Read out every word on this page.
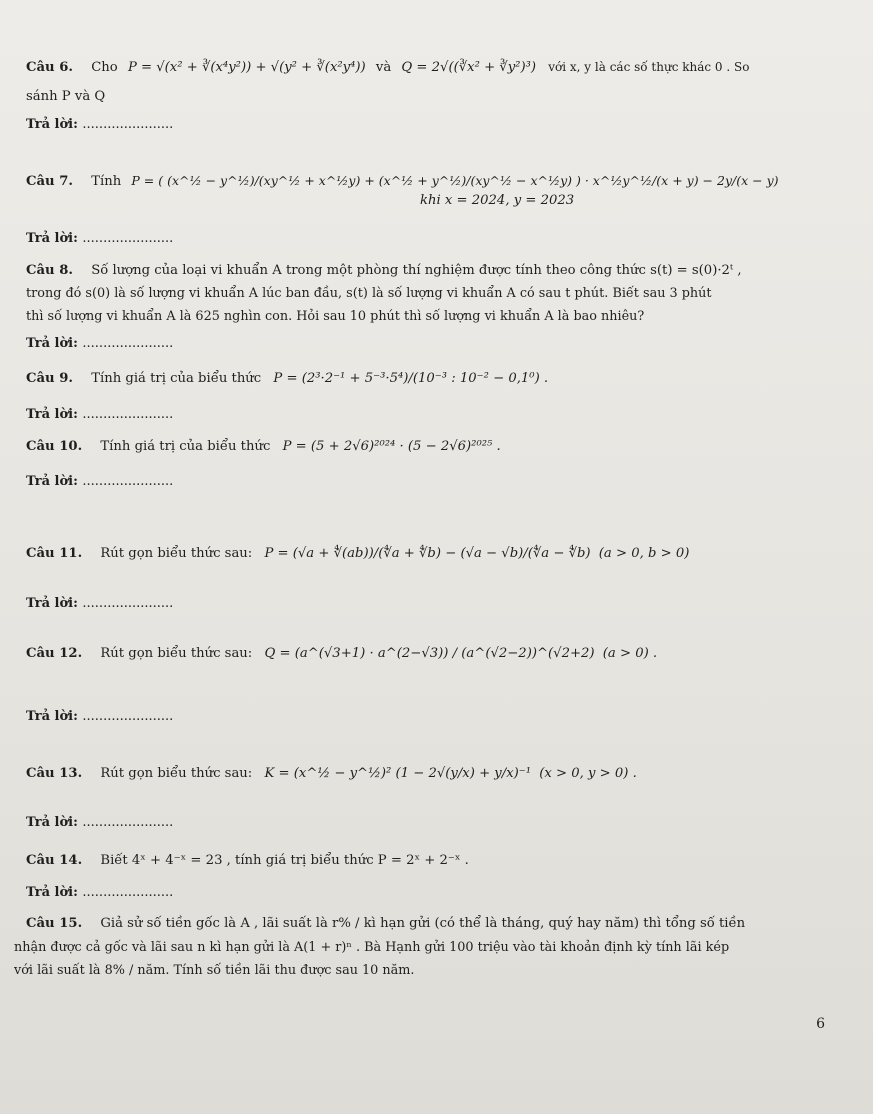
Câu 6. Cho P = √(x² + ∛(x⁴y²)) + √(y² + ∛(x²y⁴)) và Q = 2√((∛x² + ∛y²)³) với x, y là các số thực khác 0 . So
sánh P và Q
Trả lời: ......................
Câu 7. Tính P = ( (x^½ − y^½)/(xy^½ + x^½y) + (x^½ + y^½)/(xy^½ − x^½y) ) · x^½y^½/(x + y) − 2y/(x − y)
khi x = 2024, y = 2023
Trả lời: ......................
Câu 8. Số lượng của loại vi khuẩn A trong một phòng thí nghiệm được tính theo công thức s(t) = s(0)·2ᵗ ,
trong đó s(0) là số lượng vi khuẩn A lúc ban đầu, s(t) là số lượng vi khuẩn A có sau t phút. Biết sau 3 phút
thì số lượng vi khuẩn A là 625 nghìn con. Hỏi sau 10 phút thì số lượng vi khuẩn A là bao nhiêu?
Trả lời: ......................
Câu 9. Tính giá trị của biểu thức P = (2³·2⁻¹ + 5⁻³·5⁴)/(10⁻³ : 10⁻² − 0,1⁰) .
Trả lời: ......................
Câu 10. Tính giá trị của biểu thức P = (5 + 2√6)²⁰²⁴ · (5 − 2√6)²⁰²⁵ .
Trả lời: ......................
Câu 11. Rút gọn biểu thức sau: P = (√a + ∜(ab))/(∜a + ∜b) − (√a − √b)/(∜a − ∜b) (a > 0, b > 0)
Trả lời: ......................
Câu 12. Rút gọn biểu thức sau: Q = (a^(√3+1) · a^(2−√3)) / (a^(√2−2))^(√2+2) (a > 0) .
Trả lời: ......................
Câu 13. Rút gọn biểu thức sau: K = (x^½ − y^½)² (1 − 2√(y/x) + y/x)⁻¹ (x > 0, y > 0) .
Trả lời: ......................
Câu 14. Biết 4ˣ + 4⁻ˣ = 23 , tính giá trị biểu thức P = 2ˣ + 2⁻ˣ .
Trả lời: ......................
Câu 15. Giả sử số tiền gốc là A , lãi suất là r% / kì hạn gửi (có thể là tháng, quý hay năm) thì tổng số tiền
nhận được cả gốc và lãi sau n kì hạn gửi là A(1 + r)ⁿ . Bà Hạnh gửi 100 triệu vào tài khoản định kỳ tính lãi kép
với lãi suất là 8% / năm. Tính số tiền lãi thu được sau 10 năm.
6
